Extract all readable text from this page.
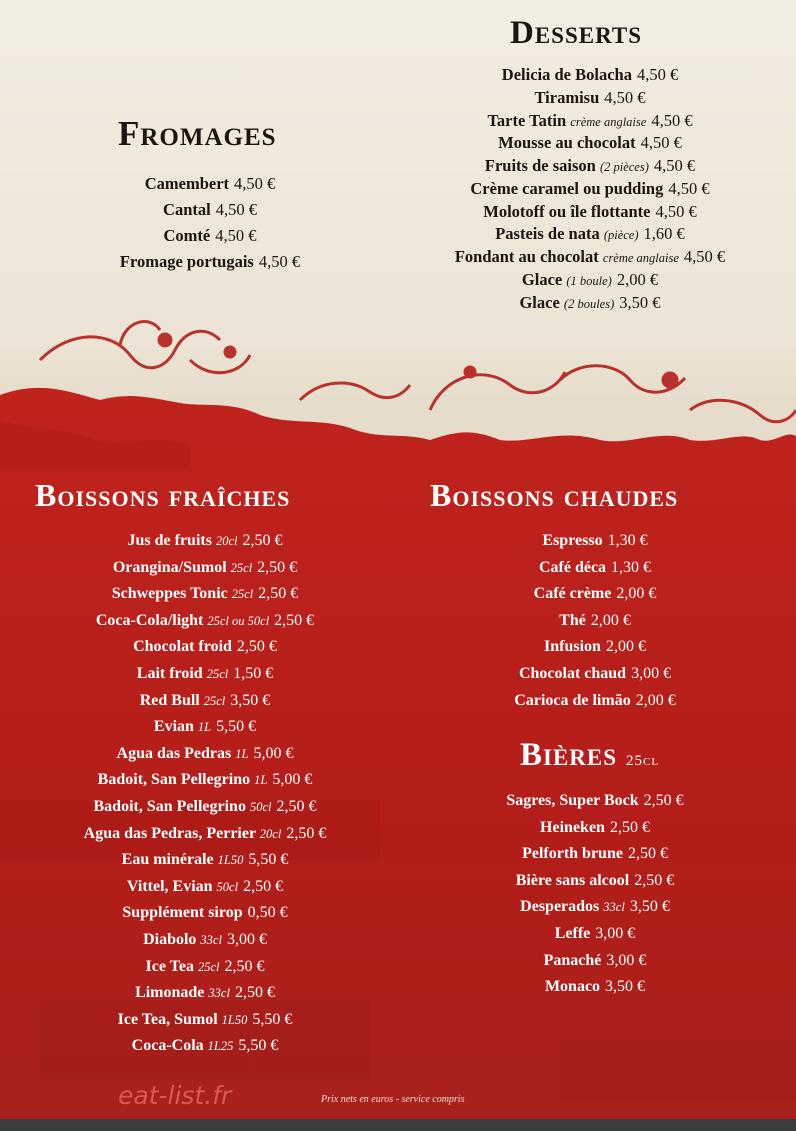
Fromages
Camembert 4,50 €
Cantal 4,50 €
Comté 4,50 €
Fromage portugais 4,50 €
Desserts
Delicia de Bolacha 4,50 €
Tiramisu 4,50 €
Tarte Tatin crème anglaise 4,50 €
Mousse au chocolat 4,50 €
Fruits de saison (2 pièces) 4,50 €
Crème caramel ou pudding 4,50 €
Molotoff ou île flottante 4,50 €
Pasteis de nata (pièce) 1,60 €
Fondant au chocolat crème anglaise 4,50 €
Glace (1 boule) 2,00 €
Glace (2 boules) 3,50 €
Boissons fraîches
Jus de fruits 20cl 2,50 €
Orangina/Sumol 25cl 2,50 €
Schweppes Tonic 25cl 2,50 €
Coca-Cola/light 25cl ou 50cl 2,50 €
Chocolat froid 2,50 €
Lait froid 25cl 1,50 €
Red Bull 25cl 3,50 €
Evian 1L 5,50 €
Agua das Pedras 1L 5,00 €
Badoit, San Pellegrino 1L 5,00 €
Badoit, San Pellegrino 50cl 2,50 €
Agua das Pedras, Perrier 20cl 2,50 €
Eau minérale 1L50 5,50 €
Vittel, Evian 50cl 2,50 €
Supplément sirop 0,50 €
Diabolo 33cl 3,00 €
Ice Tea 25cl 2,50 €
Limonade 33cl 2,50 €
Ice Tea, Sumol 1L50 5,50 €
Coca-Cola 1L25 5,50 €
Boissons chaudes
Espresso 1,30 €
Café déca 1,30 €
Café crème 2,00 €
Thé 2,00 €
Infusion 2,00 €
Chocolat chaud 3,00 €
Carioca de limão 2,00 €
Bières 25cl
Sagres, Super Bock 2,50 €
Heineken 2,50 €
Pelforth brune 2,50 €
Bière sans alcool 2,50 €
Desperados 33cl 3,50 €
Leffe 3,00 €
Panaché 3,00 €
Monaco 3,50 €
eat-list.fr	Prix nets en euros - service compris
